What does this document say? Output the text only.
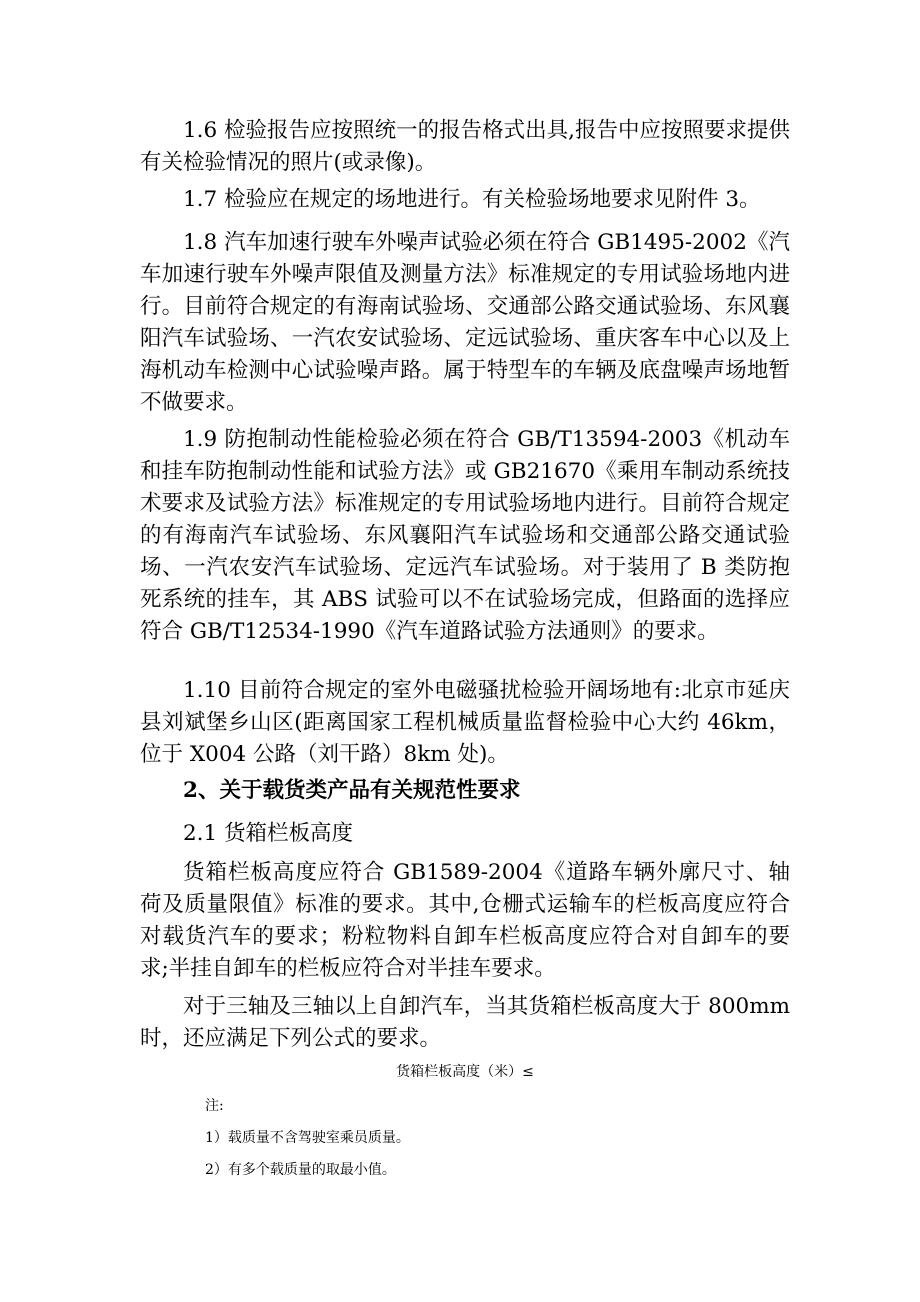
1.6 检验报告应按照统一的报告格式出具,报告中应按照要求提供有关检验情况的照片(或录像)。

1.7 检验应在规定的场地进行。有关检验场地要求见附件 3。

1.8 汽车加速行驶车外噪声试验必须在符合 GB1495-2002《汽车加速行驶车外噪声限值及测量方法》标准规定的专用试验场地内进行。目前符合规定的有海南试验场、交通部公路交通试验场、东风襄阳汽车试验场、一汽农安试验场、定远试验场、重庆客车中心以及上海机动车检测中心试验噪声路。属于特型车的车辆及底盘噪声场地暂不做要求。

1.9 防抱制动性能检验必须在符合 GB/T13594-2003《机动车和挂车防抱制动性能和试验方法》或 GB21670《乘用车制动系统技术要求及试验方法》标准规定的专用试验场地内进行。目前符合规定的有海南汽车试验场、东风襄阳汽车试验场和交通部公路交通试验场、一汽农安汽车试验场、定远汽车试验场。对于装用了 B 类防抱死系统的挂车，其 ABS 试验可以不在试验场完成，但路面的选择应符合 GB/T12534-1990《汽车道路试验方法通则》的要求。

1.10 目前符合规定的室外电磁骚扰检验开阔场地有:北京市延庆县刘斌堡乡山区(距离国家工程机械质量监督检验中心大约 46km，位于 X004 公路（刘干路）8km 处)。

2、关于载货类产品有关规范性要求

2.1 货箱栏板高度

货箱栏板高度应符合 GB1589-2004《道路车辆外廓尺寸、轴荷及质量限值》标准的要求。其中,仓栅式运输车的栏板高度应符合对载货汽车的要求；粉粒物料自卸车栏板高度应符合对自卸车的要求;半挂自卸车的栏板应符合对半挂车要求。

对于三轴及三轴以上自卸汽车，当其货箱栏板高度大于 800mm 时，还应满足下列公式的要求。

货箱栏板高度（米）≤

注:

1）载质量不含驾驶室乘员质量。

2）有多个载质量的取最小值。
